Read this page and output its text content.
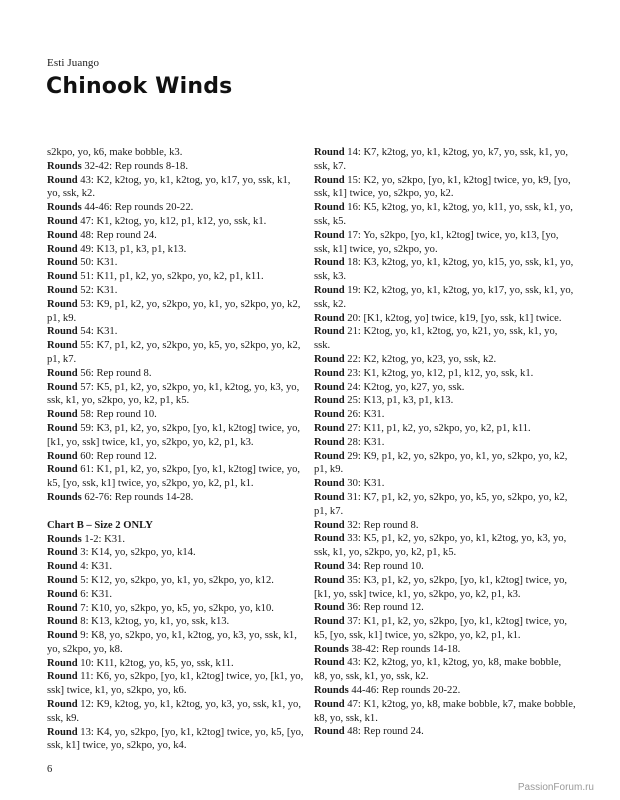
Esti Juango
Chinook Winds

s2kpo, yo, k6, make bobble, k3.

Rounds 32-42: Rep rounds 8-18.

Round 43: K2, k2tog, yo, k1, k2tog, yo, k17, yo, ssk, k1, yo, ssk, k2.

Rounds 44-46: Rep rounds 20-22.

Round 47: K1, k2tog, yo, k12, p1, k12, yo, ssk, k1.

Round 48: Rep round 24.

Round 49: K13, p1, k3, p1, k13.

Round 50: K31.

Round 51: K11, p1, k2, yo, s2kpo, yo, k2, p1, k11.

Round 52: K31.

Round 53: K9, p1, k2, yo, s2kpo, yo, k1, yo, s2kpo, yo, k2, p1, k9.

Round 54: K31.

Round 55: K7, p1, k2, yo, s2kpo, yo, k5, yo, s2kpo, yo, k2, p1, k7.

Round 56: Rep round 8.

Round 57: K5, p1, k2, yo, s2kpo, yo, k1, k2tog, yo, k3, yo, ssk, k1, yo, s2kpo, yo, k2, p1, k5.

Round 58: Rep round 10.

Round 59: K3, p1, k2, yo, s2kpo, [yo, k1, k2tog] twice, yo, [k1, yo, ssk] twice, k1, yo, s2kpo, yo, k2, p1, k3.

Round 60: Rep round 12.

Round 61: K1, p1, k2, yo, s2kpo, [yo, k1, k2tog] twice, yo, k5, [yo, ssk, k1] twice, yo, s2kpo, yo, k2, p1, k1.

Rounds 62-76: Rep rounds 14-28.

Chart B – Size 2 ONLY

Rounds 1-2: K31.

Round 3: K14, yo, s2kpo, yo, k14.

Round 4: K31.

Round 5: K12, yo, s2kpo, yo, k1, yo, s2kpo, yo, k12.

Round 6: K31.

Round 7: K10, yo, s2kpo, yo, k5, yo, s2kpo, yo, k10.

Round 8: K13, k2tog, yo, k1, yo, ssk, k13.

Round 9: K8, yo, s2kpo, yo, k1, k2tog, yo, k3, yo, ssk, k1, yo, s2kpo, yo, k8.

Round 10: K11, k2tog, yo, k5, yo, ssk, k11.

Round 11: K6, yo, s2kpo, [yo, k1, k2tog] twice, yo, [k1, yo, ssk] twice, k1, yo, s2kpo, yo, k6.

Round 12: K9, k2tog, yo, k1, k2tog, yo, k3, yo, ssk, k1, yo, ssk, k9.

Round 13: K4, yo, s2kpo, [yo, k1, k2tog] twice, yo, k5, [yo, ssk, k1] twice, yo, s2kpo, yo, k4.

Round 14: K7, k2tog, yo, k1, k2tog, yo, k7, yo, ssk, k1, yo, ssk, k7.

Round 15: K2, yo, s2kpo, [yo, k1, k2tog] twice, yo, k9, [yo, ssk, k1] twice, yo, s2kpo, yo, k2.

Round 16: K5, k2tog, yo, k1, k2tog, yo, k11, yo, ssk, k1, yo, ssk, k5.

Round 17: Yo, s2kpo, [yo, k1, k2tog] twice, yo, k13, [yo, ssk, k1] twice, yo, s2kpo, yo.

Round 18: K3, k2tog, yo, k1, k2tog, yo, k15, yo, ssk, k1, yo, ssk, k3.

Round 19: K2, k2tog, yo, k1, k2tog, yo, k17, yo, ssk, k1, yo, ssk, k2.

Round 20: [K1, k2tog, yo] twice, k19, [yo, ssk, k1] twice.

Round 21: K2tog, yo, k1, k2tog, yo, k21, yo, ssk, k1, yo, ssk.

Round 22: K2, k2tog, yo, k23, yo, ssk, k2.

Round 23: K1, k2tog, yo, k12, p1, k12, yo, ssk, k1.

Round 24: K2tog, yo, k27, yo, ssk.

Round 25: K13, p1, k3, p1, k13.

Round 26: K31.

Round 27: K11, p1, k2, yo, s2kpo, yo, k2, p1, k11.

Round 28: K31.

Round 29: K9, p1, k2, yo, s2kpo, yo, k1, yo, s2kpo, yo, k2, p1, k9.

Round 30: K31.

Round 31: K7, p1, k2, yo, s2kpo, yo, k5, yo, s2kpo, yo, k2, p1, k7.

Round 32: Rep round 8.

Round 33: K5, p1, k2, yo, s2kpo, yo, k1, k2tog, yo, k3, yo, ssk, k1, yo, s2kpo, yo, k2, p1, k5.

Round 34: Rep round 10.

Round 35: K3, p1, k2, yo, s2kpo, [yo, k1, k2tog] twice, yo, [k1, yo, ssk] twice, k1, yo, s2kpo, yo, k2, p1, k3.

Round 36: Rep round 12.

Round 37: K1, p1, k2, yo, s2kpo, [yo, k1, k2tog] twice, yo, k5, [yo, ssk, k1] twice, yo, s2kpo, yo, k2, p1, k1.

Rounds 38-42: Rep rounds 14-18.

Round 43: K2, k2tog, yo, k1, k2tog, yo, k8, make bobble, k8, yo, ssk, k1, yo, ssk, k2.

Rounds 44-46: Rep rounds 20-22.

Round 47: K1, k2tog, yo, k8, make bobble, k7, make bobble, k8, yo, ssk, k1.

Round 48: Rep round 24.

6
PassionForum.ru
